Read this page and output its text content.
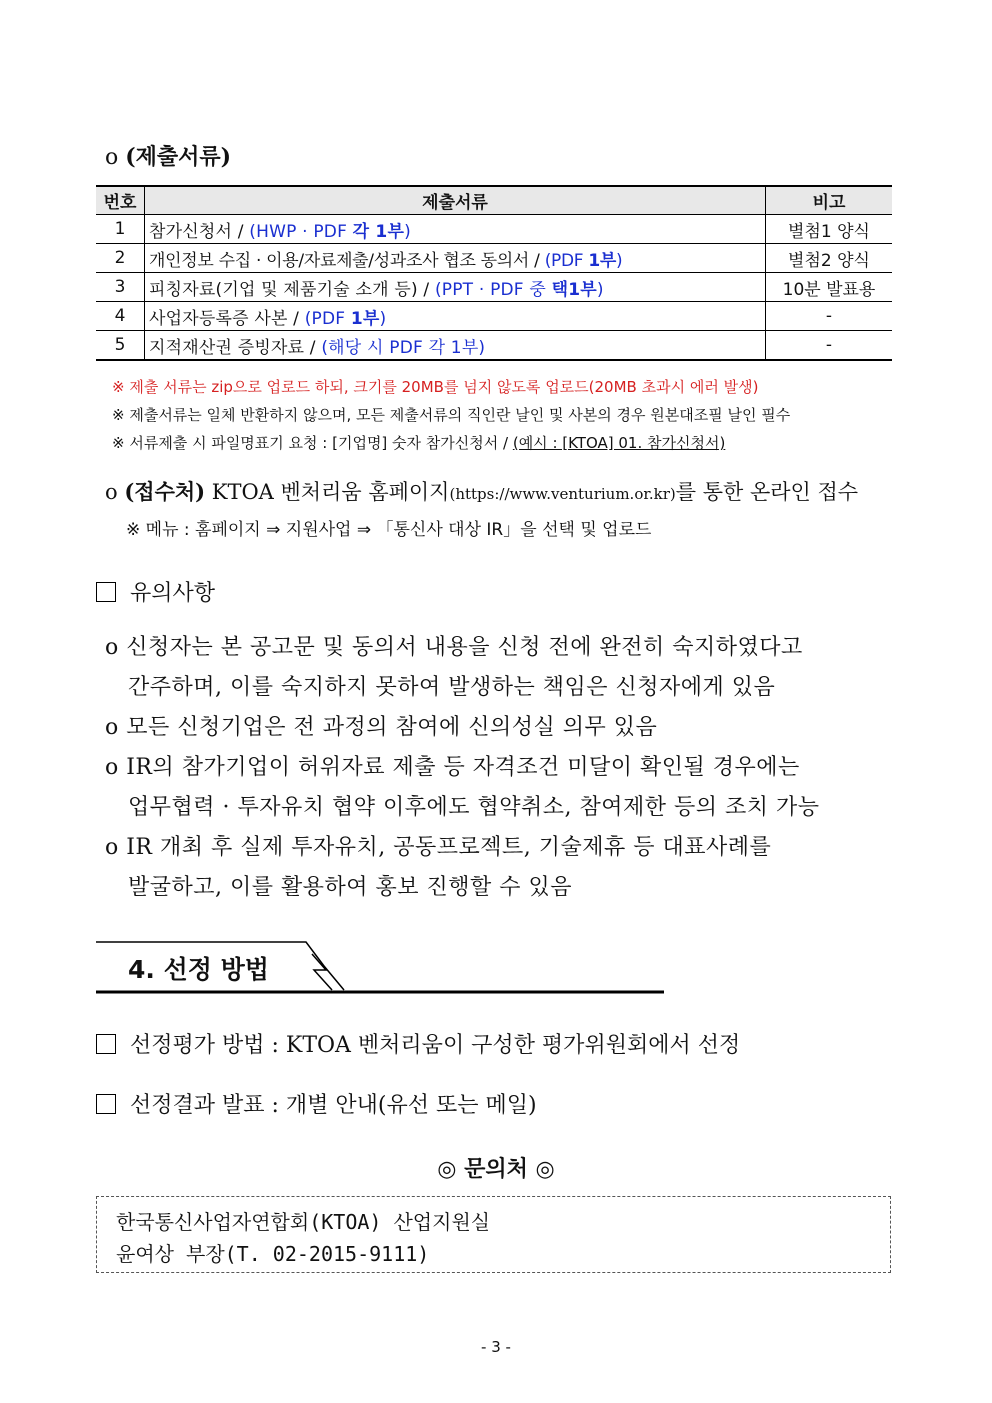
o (제출서류)
번호	제출서류	비고
1	참가신청서 / (HWP · PDF 각 1부)	별첨1 양식
2	개인정보 수집 · 이용/자료제출/성과조사 협조 동의서 / (PDF 1부)	별첨2 양식
3	피칭자료(기업 및 제품기술 소개 등) / (PPT · PDF 중 택1부)	10분 발표용
4	사업자등록증 사본 / (PDF 1부)	-
5	지적재산권 증빙자료 / (해당 시 PDF 각 1부)	-
※ 제출 서류는 zip으로 업로드 하되, 크기를 20MB를 넘지 않도록 업로드(20MB 초과시 에러 발생)
※ 제출서류는 일체 반환하지 않으며, 모든 제출서류의 직인란 날인 및 사본의 경우 원본대조필 날인 필수
※ 서류제출 시 파일명표기 요청 : [기업명] 숫자 참가신청서 / (예시 : [KTOA] 01. 참가신청서)
o (접수처) KTOA 벤처리움 홈페이지(https://www.venturium.or.kr)를 통한 온라인 접수
※ 메뉴 : 홈페이지 ⇒ 지원사업 ⇒ 「통신사 대상 IR」을 선택 및 업로드
유의사항
o 신청자는 본 공고문 및 동의서 내용을 신청 전에 완전히 숙지하였다고
간주하며, 이를 숙지하지 못하여 발생하는 책임은 신청자에게 있음
o 모든 신청기업은 전 과정의 참여에 신의성실 의무 있음
o IR의 참가기업이 허위자료 제출 등 자격조건 미달이 확인될 경우에는
업무협력 · 투자유치 협약 이후에도 협약취소, 참여제한 등의 조치 가능
o IR 개최 후 실제 투자유치, 공동프로젝트, 기술제휴 등 대표사례를
발굴하고, 이를 활용하여 홍보 진행할 수 있음
4. 선정 방법
선정평가 방법 : KTOA 벤처리움이 구성한 평가위원회에서 선정
선정결과 발표 : 개별 안내(유선 또는 메일)
◎ 문의처 ◎
한국통신사업자연합회(KTOA) 산업지원실
윤여상 부장(T. 02-2015-9111)
- 3 -
